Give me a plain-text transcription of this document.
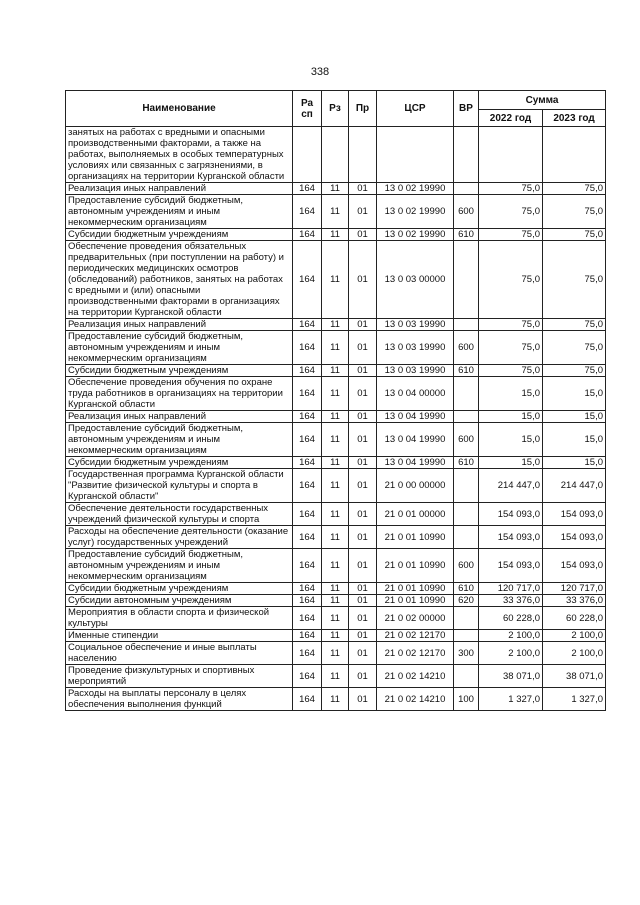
338
Наименование	Ра сп	Рз	Пр	ЦСР	ВР	Сумма	
						2022 год	2023 год
занятых на работах с вредными и опасными производственными факторами, а также на работах, выполняемых в особых температурных условиях или связанных с загрязнениями, в организациях на территории Курганской области							
Реализация иных направлений	164	11	01	13 0 02 19990		75,0	75,0
Предоставление субсидий бюджетным, автономным учреждениям и иным некоммерческим организациям	164	11	01	13 0 02 19990	600	75,0	75,0
Субсидии бюджетным учреждениям	164	11	01	13 0 02 19990	610	75,0	75,0
Обеспечение проведения обязательных предварительных (при поступлении на работу) и периодических медицинских осмотров (обследований) работников, занятых на работах с вредными и (или) опасными производственными факторами в организациях на территории Курганской области	164	11	01	13 0 03 00000		75,0	75,0
Реализация иных направлений	164	11	01	13 0 03 19990		75,0	75,0
Предоставление субсидий бюджетным, автономным учреждениям и иным некоммерческим организациям	164	11	01	13 0 03 19990	600	75,0	75,0
Субсидии бюджетным учреждениям	164	11	01	13 0 03 19990	610	75,0	75,0
Обеспечение проведения обучения по охране труда работников в организациях на территории Курганской области	164	11	01	13 0 04 00000		15,0	15,0
Реализация иных направлений	164	11	01	13 0 04 19990		15,0	15,0
Предоставление субсидий бюджетным, автономным учреждениям и иным некоммерческим организациям	164	11	01	13 0 04 19990	600	15,0	15,0
Субсидии бюджетным учреждениям	164	11	01	13 0 04 19990	610	15,0	15,0
Государственная программа Курганской области "Развитие физической культуры и спорта в Курганской области"	164	11	01	21 0 00 00000		214 447,0	214 447,0
Обеспечение деятельности государственных учреждений физической культуры и спорта	164	11	01	21 0 01 00000		154 093,0	154 093,0
Расходы на обеспечение деятельности (оказание услуг) государственных учреждений	164	11	01	21 0 01 10990		154 093,0	154 093,0
Предоставление субсидий бюджетным, автономным учреждениям и иным некоммерческим организациям	164	11	01	21 0 01 10990	600	154 093,0	154 093,0
Субсидии бюджетным учреждениям	164	11	01	21 0 01 10990	610	120 717,0	120 717,0
Субсидии автономным учреждениям	164	11	01	21 0 01 10990	620	33 376,0	33 376,0
Мероприятия в области спорта и физической культуры	164	11	01	21 0 02 00000		60 228,0	60 228,0
Именные стипендии	164	11	01	21 0 02 12170		2 100,0	2 100,0
Социальное обеспечение и иные выплаты населению	164	11	01	21 0 02 12170	300	2 100,0	2 100,0
Проведение физкультурных и спортивных мероприятий	164	11	01	21 0 02 14210		38 071,0	38 071,0
Расходы на выплаты персоналу в целях обеспечения выполнения функций	164	11	01	21 0 02 14210	100	1 327,0	1 327,0
